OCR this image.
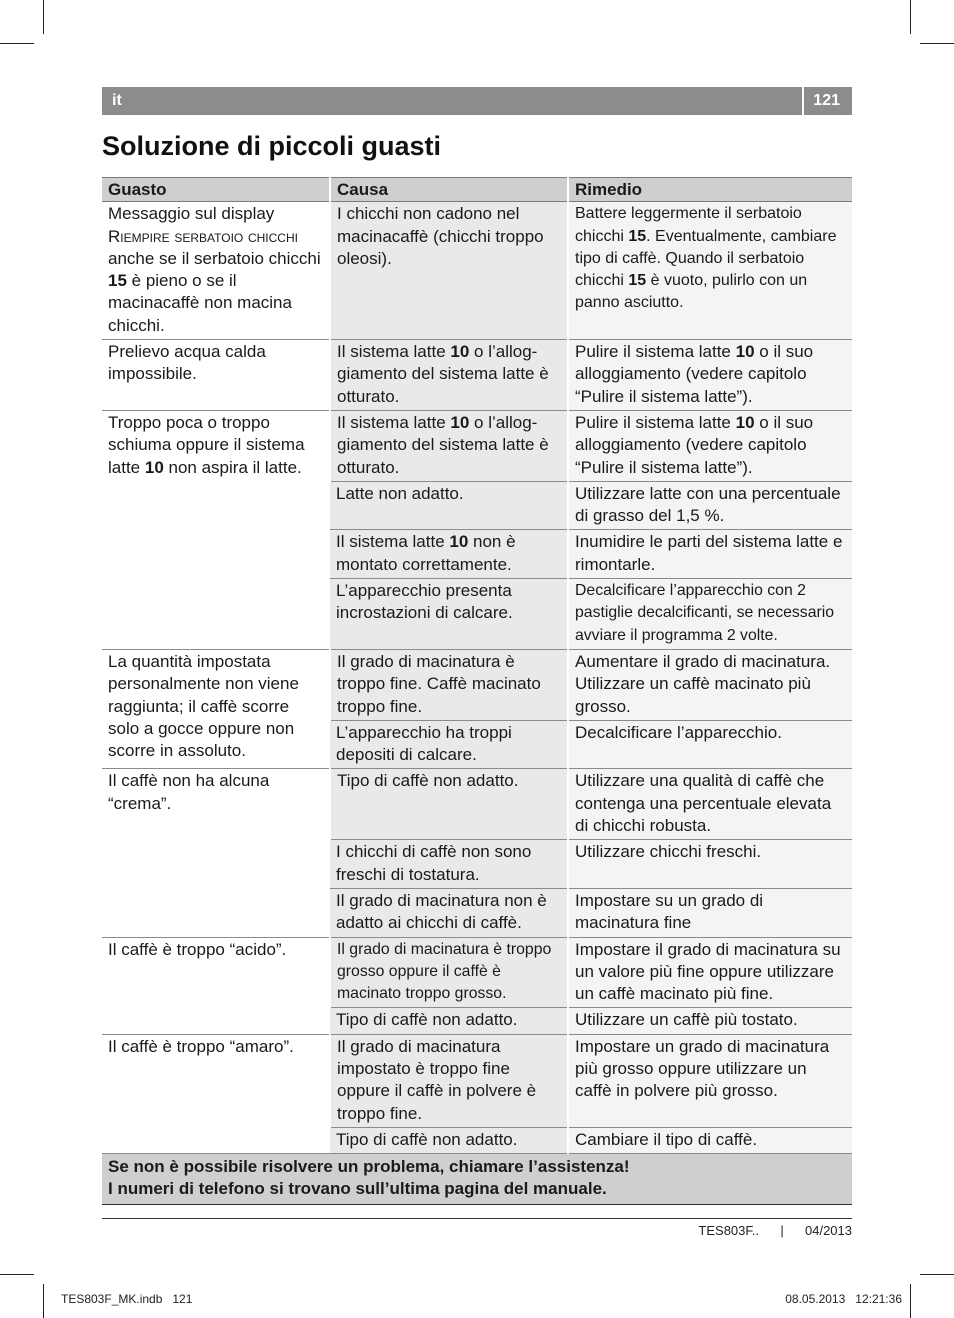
it	121
Soluzione di piccoli guasti
Guasto	Causa	Rimedio
Messaggio sul display Riempire serbatoio chicchi anche se il serbatoio chicchi 15 è pieno o se il macinacaffè non macina chicchi.	I chicchi non cadono nel macinacaffè (chicchi troppo oleosi).	Battere leggermente il serbatoio chicchi 15. Eventualmente, cambiare tipo di caffè. Quando il serbatoio chicchi 15 è vuoto, pulirlo con un panno asciutto.
Prelievo acqua calda impossibile.	Il sistema latte 10 o l’alloggiamento del sistema latte è otturato.	Pulire il sistema latte 10 o il suo alloggiamento (vedere capitolo “Pulire il sistema latte”).
Troppo poca o troppo schiuma oppure il sistema latte 10 non aspira il latte.	Il sistema latte 10 o l’alloggiamento del sistema latte è otturato.	Pulire il sistema latte 10 o il suo alloggiamento (vedere capitolo “Pulire il sistema latte”).
	Latte non adatto.	Utilizzare latte con una percentuale di grasso del 1,5 %.
	Il sistema latte 10 non è montato correttamente.	Inumidire le parti del sistema latte e rimontarle.
	L’apparecchio presenta incrostazioni di calcare.	Decalcificare l’apparecchio con 2 pastiglie decalcificanti, se necessario avviare il programma 2 volte.
La quantità impostata personalmente non viene raggiunta; il caffè scorre solo a gocce oppure non scorre in assoluto.	Il grado di macinatura è troppo fine. Caffè macinato troppo fine.	Aumentare il grado di macinatura. Utilizzare un caffè macinato più grosso.
	L’apparecchio ha troppi depositi di calcare.	Decalcificare l’apparecchio.
Il caffè non ha alcuna “crema”.	Tipo di caffè non adatto.	Utilizzare una qualità di caffè che contenga una percentuale elevata di chicchi robusta.
	I chicchi di caffè non sono freschi di tostatura.	Utilizzare chicchi freschi.
	Il grado di macinatura non è adatto ai chicchi di caffè.	Impostare su un grado di macinatura fine
Il caffè è troppo “acido”.	Il grado di macinatura è troppo grosso oppure il caffè è macinato troppo grosso.	Impostare il grado di macinatura su un valore più fine oppure utilizzare un caffè macinato più fine.
	Tipo di caffè non adatto.	Utilizzare un caffè più tostato.
Il caffè è troppo “amaro”.	Il grado di macinatura impostato è troppo fine oppure il caffè in polvere è troppo fine.	Impostare un grado di macinatura più grosso oppure utilizzare un caffè in polvere più grosso.
	Tipo di caffè non adatto.	Cambiare il tipo di caffè.

Se non è possibile risolvere un problema, chiamare l’assistenza!
I numeri di telefono si trovano sull’ultima pagina del manuale.		
TES803F.. | 04/2013
TES803F_MK.indb   121	08.05.2013   12:21:36
